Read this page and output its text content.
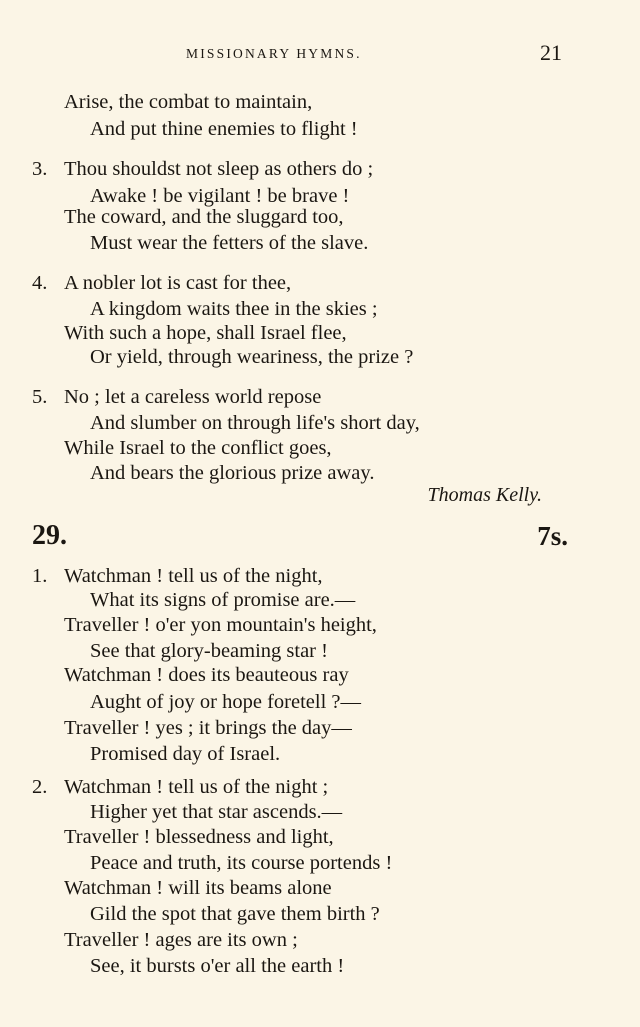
MISSIONARY HYMNS.	21
Arise, the combat to maintain,
And put thine enemies to flight !
3. Thou shouldst not sleep as others do ;
Awake ! be vigilant ! be brave !
The coward, and the sluggard too,
Must wear the fetters of the slave.
4. A nobler lot is cast for thee,
A kingdom waits thee in the skies ;
With such a hope, shall Israel flee,
Or yield, through weariness, the prize ?
5. No ; let a careless world repose
And slumber on through life's short day,
While Israel to the conflict goes,
And bears the glorious prize away.
Thomas Kelly.
29.	7s.
1. Watchman ! tell us of the night,
What its signs of promise are.—
Traveller ! o'er yon mountain's height,
See that glory-beaming star !
Watchman ! does its beauteous ray
Aught of joy or hope foretell ?—
Traveller ! yes ; it brings the day—
Promised day of Israel.
2. Watchman ! tell us of the night ;
Higher yet that star ascends.—
Traveller ! blessedness and light,
Peace and truth, its course portends !
Watchman ! will its beams alone
Gild the spot that gave them birth ?
Traveller ! ages are its own ;
See, it bursts o'er all the earth !
